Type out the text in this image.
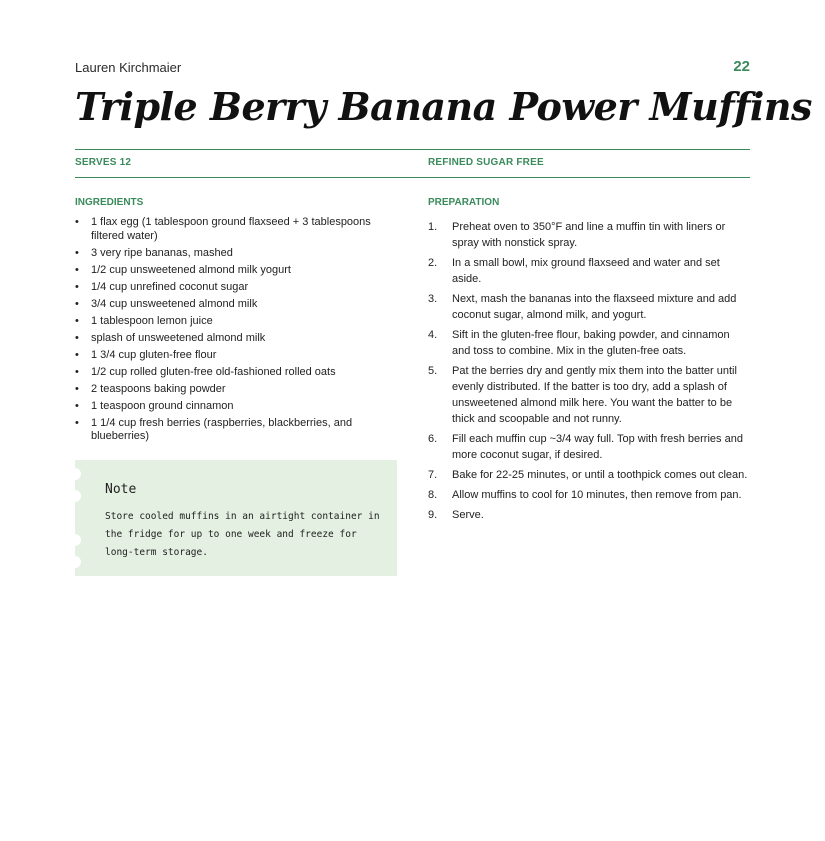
Lauren Kirchmaier	22
Triple Berry Banana Power Muffins
SERVES 12	REFINED SUGAR FREE
INGREDIENTS
• 1 flax egg (1 tablespoon ground flaxseed + 3 tablespoons filtered water)
• 3 very ripe bananas, mashed
• 1/2 cup unsweetened almond milk yogurt
• 1/4 cup unrefined coconut sugar
• 3/4 cup unsweetened almond milk
• 1 tablespoon lemon juice
• splash of unsweetened almond milk
• 1 3/4 cup gluten-free flour
• 1/2 cup rolled gluten-free old-fashioned rolled oats
• 2 teaspoons baking powder
• 1 teaspoon ground cinnamon
• 1 1/4 cup fresh berries (raspberries, blackberries, and blueberries)
Note
Store cooled muffins in an airtight container in the fridge for up to one week and freeze for long-term storage.
PREPARATION
1. Preheat oven to 350°F and line a muffin tin with liners or spray with nonstick spray.
2. In a small bowl, mix ground flaxseed and water and set aside.
3. Next, mash the bananas into the flaxseed mixture and add coconut sugar, almond milk, and yogurt.
4. Sift in the gluten-free flour, baking powder, and cinnamon and toss to combine. Mix in the gluten-free oats.
5. Pat the berries dry and gently mix them into the batter until evenly distributed. If the batter is too dry, add a splash of unsweetened almond milk here. You want the batter to be thick and scoopable and not runny.
6. Fill each muffin cup ~3/4 way full. Top with fresh berries and more coconut sugar, if desired.
7. Bake for 22-25 minutes, or until a toothpick comes out clean.
8. Allow muffins to cool for 10 minutes, then remove from pan.
9. Serve.
